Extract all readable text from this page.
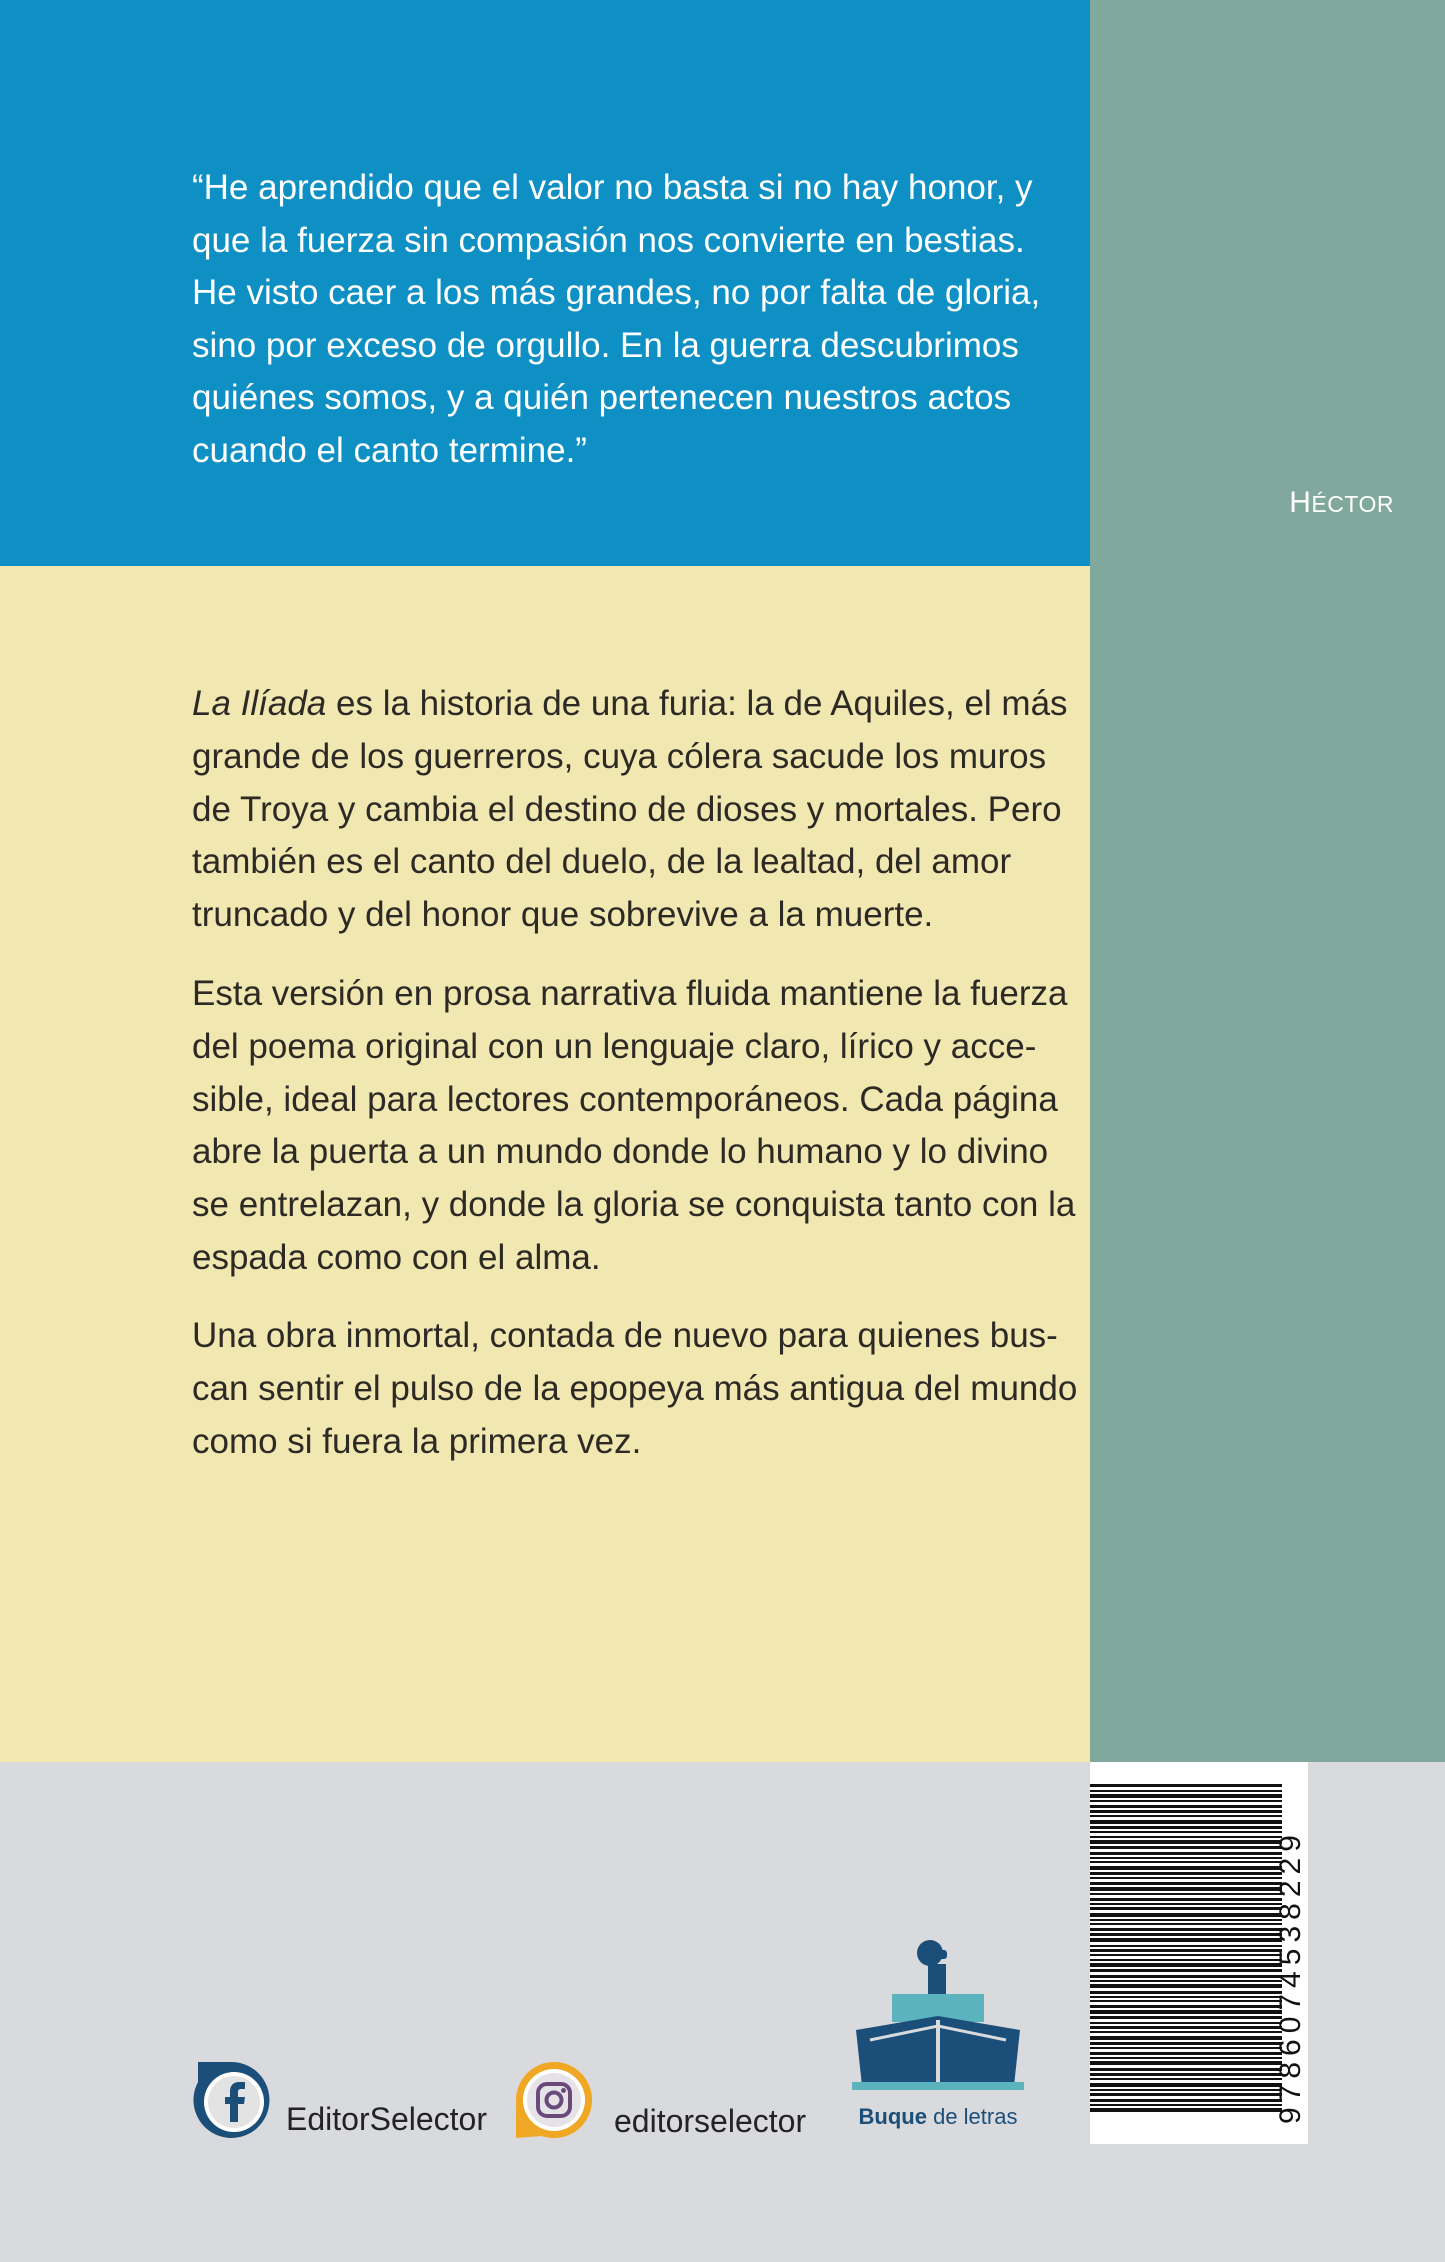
“He aprendido que el valor no basta si no hay honor, y
que la fuerza sin compasión nos convierte en bestias.
He visto caer a los más grandes, no por falta de gloria,
sino por exceso de orgullo. En la guerra descubrimos
quiénes somos, y a quién pertenecen nuestros actos
cuando el canto termine.”
HÉCTOR
La Ilíada es la historia de una furia: la de Aquiles, el más
grande de los guerreros, cuya cólera sacude los muros
de Troya y cambia el destino de dioses y mortales. Pero
también es el canto del duelo, de la lealtad, del amor
truncado y del honor que sobrevive a la muerte.
Esta versión en prosa narrativa fluida mantiene la fuerza
del poema original con un lenguaje claro, lírico y acce-
sible, ideal para lectores contemporáneos. Cada página
abre la puerta a un mundo donde lo humano y lo divino
se entrelazan, y donde la gloria se conquista tanto con la
espada como con el alma.
Una obra inmortal, contada de nuevo para quienes bus-
can sentir el pulso de la epopeya más antigua del mundo
como si fuera la primera vez.
EditorSelector	editorselector	Buque de letras	9786074538229
